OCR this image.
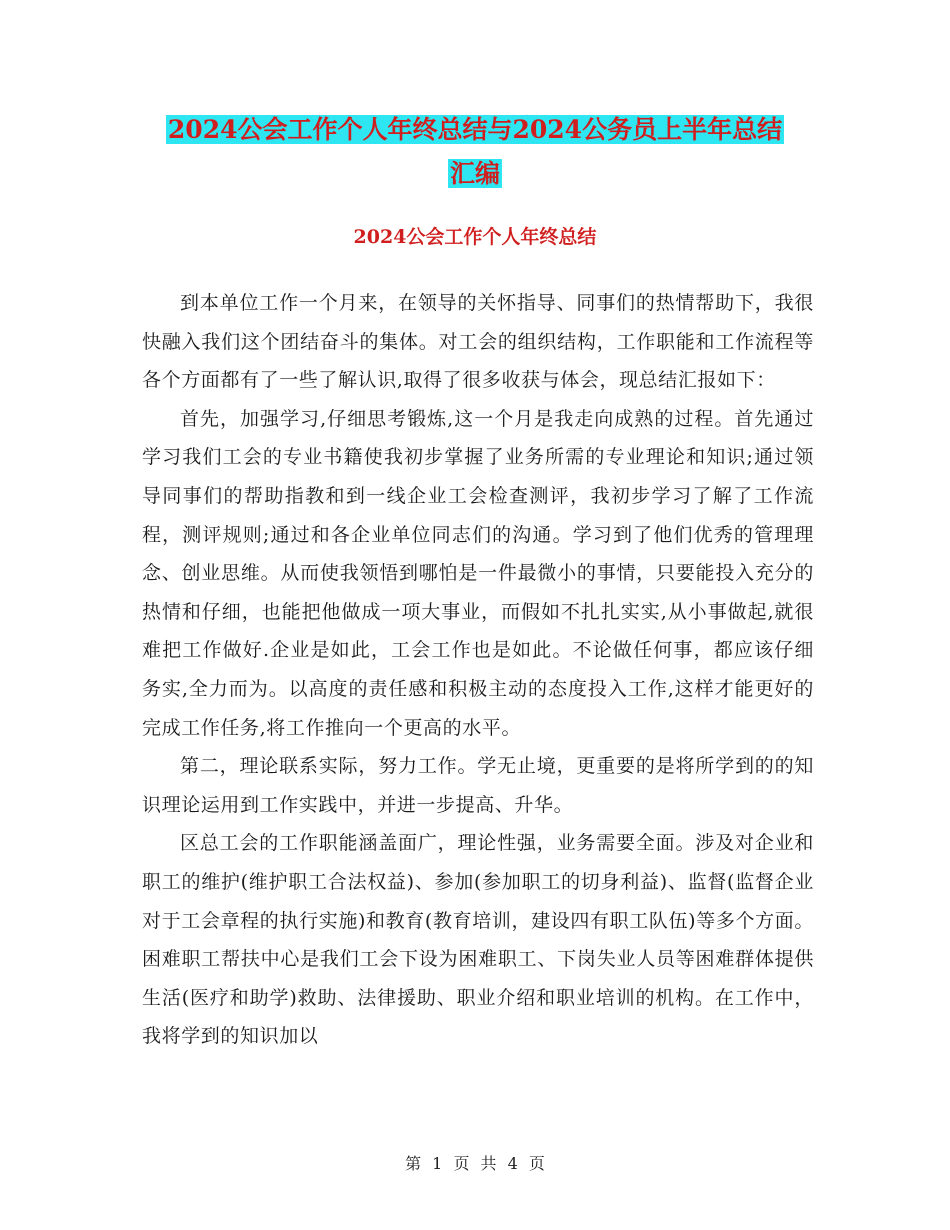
2024公会工作个人年终总结与2024公务员上半年总结
汇编
2024公会工作个人年终总结

到本单位工作一个月来，在领导的关怀指导、同事们的热情帮助下，我很快融入我们这个团结奋斗的集体。对工会的组织结构，工作职能和工作流程等各个方面都有了一些了解认识,取得了很多收获与体会，现总结汇报如下：

首先，加强学习,仔细思考锻炼,这一个月是我走向成熟的过程。首先通过学习我们工会的专业书籍使我初步掌握了业务所需的专业理论和知识;通过领导同事们的帮助指教和到一线企业工会检查测评，我初步学习了解了工作流程，测评规则;通过和各企业单位同志们的沟通。学习到了他们优秀的管理理念、创业思维。从而使我领悟到哪怕是一件最微小的事情，只要能投入充分的热情和仔细，也能把他做成一项大事业，而假如不扎扎实实,从小事做起,就很难把工作做好.企业是如此，工会工作也是如此。不论做任何事，都应该仔细务实,全力而为。以高度的责任感和积极主动的态度投入工作,这样才能更好的完成工作任务,将工作推向一个更高的水平。

第二，理论联系实际，努力工作。学无止境，更重要的是将所学到的的知识理论运用到工作实践中，并进一步提高、升华。

区总工会的工作职能涵盖面广，理论性强，业务需要全面。涉及对企业和职工的维护(维护职工合法权益)、参加(参加职工的切身利益)、监督(监督企业对于工会章程的执行实施)和教育(教育培训，建设四有职工队伍)等多个方面。困难职工帮扶中心是我们工会下设为困难职工、下岗失业人员等困难群体提供生活(医疗和助学)救助、法律援助、职业介绍和职业培训的机构。在工作中，我将学到的知识加以

第 1 页 共 4 页
